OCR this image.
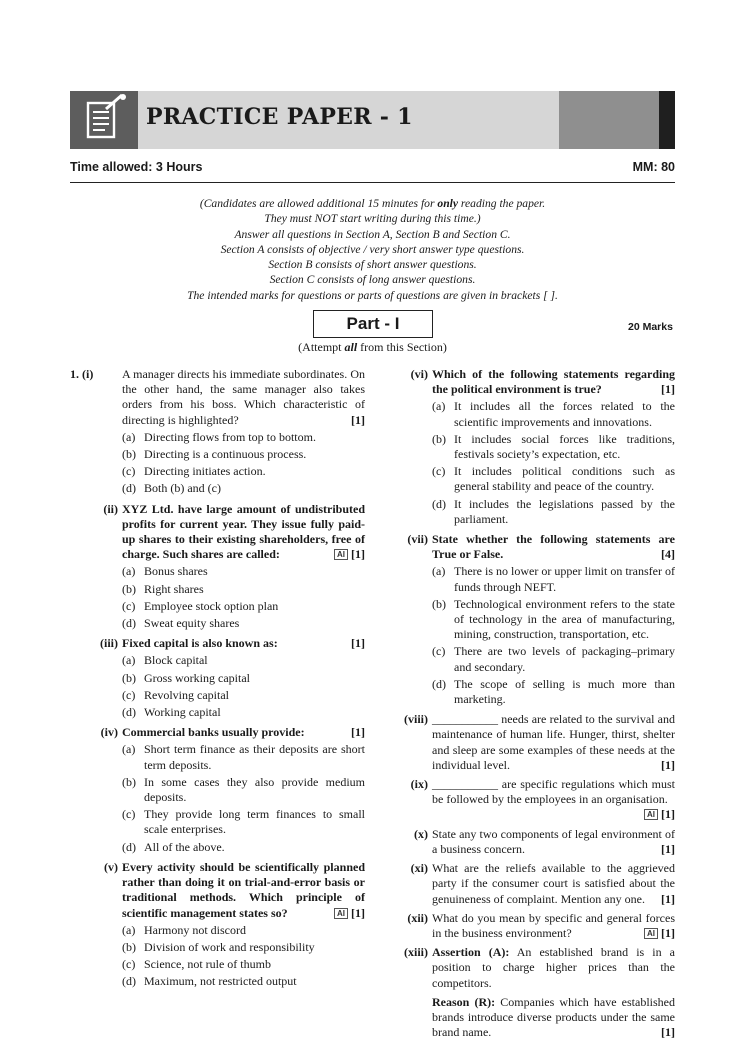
PRACTICE PAPER - 1
Time allowed: 3 Hours	MM: 80
(Candidates are allowed additional 15 minutes for only reading the paper.
They must NOT start writing during this time.)
Answer all questions in Section A, Section B and Section C.
Section A consists of objective / very short answer type questions.
Section B consists of short answer questions.
Section C consists of long answer questions.
The intended marks for questions or parts of questions are given in brackets [ ].
Part - I	20 Marks
(Attempt all from this Section)
1. (i)	A manager directs his immediate subordinates. On the other hand, the same manager also takes orders from his boss. Which characteristic of directing is highlighted?	[1]
(a) Directing flows from top to bottom.
(b) Directing is a continuous process.
(c) Directing initiates action.
(d) Both (b) and (c)
(ii) XYZ Ltd. have large amount of undistributed profits for current year. They issue fully paid-up shares to their existing shareholders, free of charge. Such shares are called:	AI [1]
(a) Bonus shares
(b) Right shares
(c) Employee stock option plan
(d) Sweat equity shares
(iii) Fixed capital is also known as:	[1]
(a) Block capital
(b) Gross working capital
(c) Revolving capital
(d) Working capital
(iv) Commercial banks usually provide:	[1]
(a) Short term finance as their deposits are short term deposits.
(b) In some cases they also provide medium deposits.
(c) They provide long term finances to small scale enterprises.
(d) All of the above.
(v) Every activity should be scientifically planned rather than doing it on trial-and-error basis or traditional methods. Which principle of scientific management states so?	AI [1]
(a) Harmony not discord
(b) Division of work and responsibility
(c) Science, not rule of thumb
(d) Maximum, not restricted output
(vi) Which of the following statements regarding the political environment is true?	[1]
(a) It includes all the forces related to the scientific improvements and innovations.
(b) It includes social forces like traditions, festivals society’s expectation, etc.
(c) It includes political conditions such as general stability and peace of the country.
(d) It includes the legislations passed by the parliament.
(vii) State whether the following statements are True or False.	[4]
(a) There is no lower or upper limit on transfer of funds through NEFT.
(b) Technological environment refers to the state of technology in the area of manufacturing, mining, construction, transportation, etc.
(c) There are two levels of packaging–primary and secondary.
(d) The scope of selling is much more than marketing.
(viii) ___________ needs are related to the survival and maintenance of human life. Hunger, thirst, shelter and sleep are some examples of these needs at the individual level.	[1]
(ix) ___________ are specific regulations which must be followed by the employees in an organisation.
AI [1]
(x) State any two components of legal environment of a business concern.	[1]
(xi) What are the reliefs available to the aggrieved party if the consumer court is satisfied about the genuineness of complaint. Mention any one. [1]
(xii) What do you mean by specific and general forces in the business environment?	AI [1]
(xiii) Assertion (A): An established brand is in a position to charge higher prices than the competitors.
Reason (R): Companies which have established brands introduce diverse products under the same brand name.	[1]
